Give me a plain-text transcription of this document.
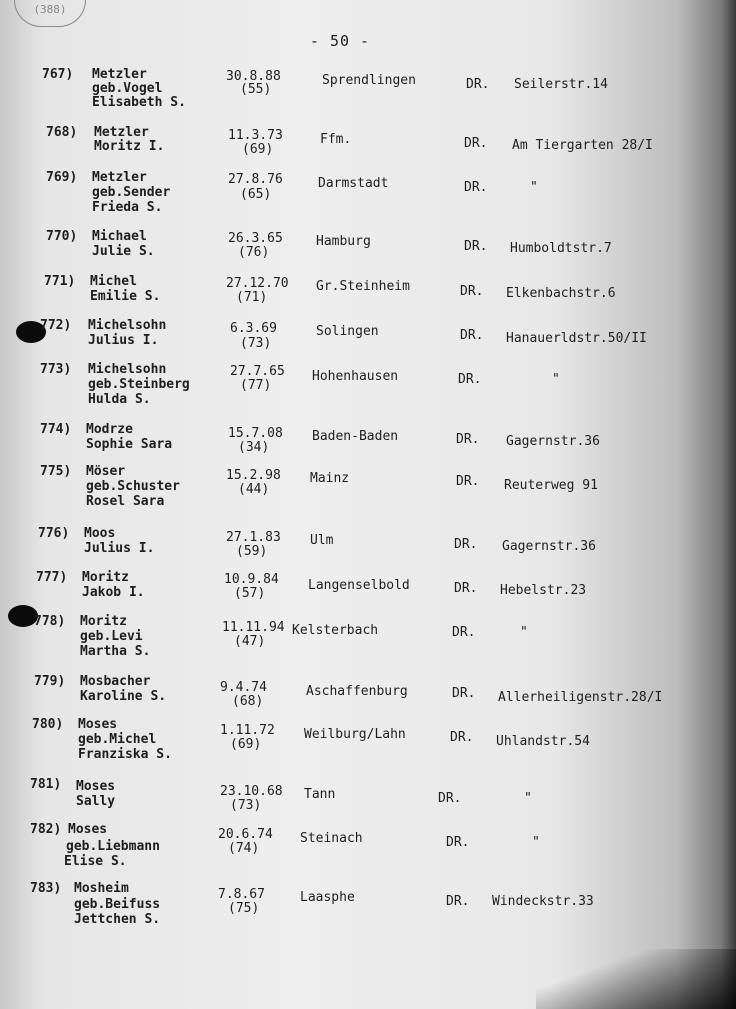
(388)
- 50 -
767) Metzler
geb.Vogel
Elisabeth S.
30.8.88
(55)
Sprendlingen	DR. Seilerstr.14
768) Metzler
Moritz I.
11.3.73
(69)
Ffm.	DR. Am Tiergarten 28/I
769) Metzler
geb.Sender
Frieda S.
27.8.76
(65)
Darmstadt	DR.	"
770) Michael
Julie S.
26.3.65
(76)
Hamburg	DR. Humboldtstr.7
771) Michel
Emilie S.
27.12.70
(71)
Gr.Steinheim	DR. Elkenbachstr.6
772) Michelsohn
Julius I.
6.3.69
(73)
Solingen	DR. Hanauerldstr.50/II
773) Michelsohn
geb.Steinberg
Hulda S.
27.7.65
(77)
Hohenhausen	DR.	"
774) Modrze
Sophie Sara
15.7.08
(34)
Baden-Baden	DR. Gagernstr.36
775) Möser
geb.Schuster
Rosel Sara
15.2.98
(44)
Mainz	DR. Reuterweg 91
776) Moos
Julius I.
27.1.83
(59)
Ulm	DR. Gagernstr.36
777) Moritz
Jakob I.
10.9.84
(57)
Langenselbold	DR. Hebelstr.23
778) Moritz
geb.Levi
Martha S.
11.11.94
(47)
Kelsterbach	DR.	"
779) Mosbacher
Karoline S.
9.4.74
(68)
Aschaffenburg	DR. Allerheiligenstr.28/I
780) Moses
geb.Michel
Franziska S.
1.11.72
(69)
Weilburg/Lahn	DR. Uhlandstr.54
781) Moses
Sally
23.10.68
(73)
Tann	DR.	"
782) Moses
geb.Liebmann
Elise S.
20.6.74
(74)
Steinach	DR.	"
783) Mosheim
geb.Beifuss
Jettchen S.
7.8.67
(75)
Laasphe	DR. Windeckstr.33
